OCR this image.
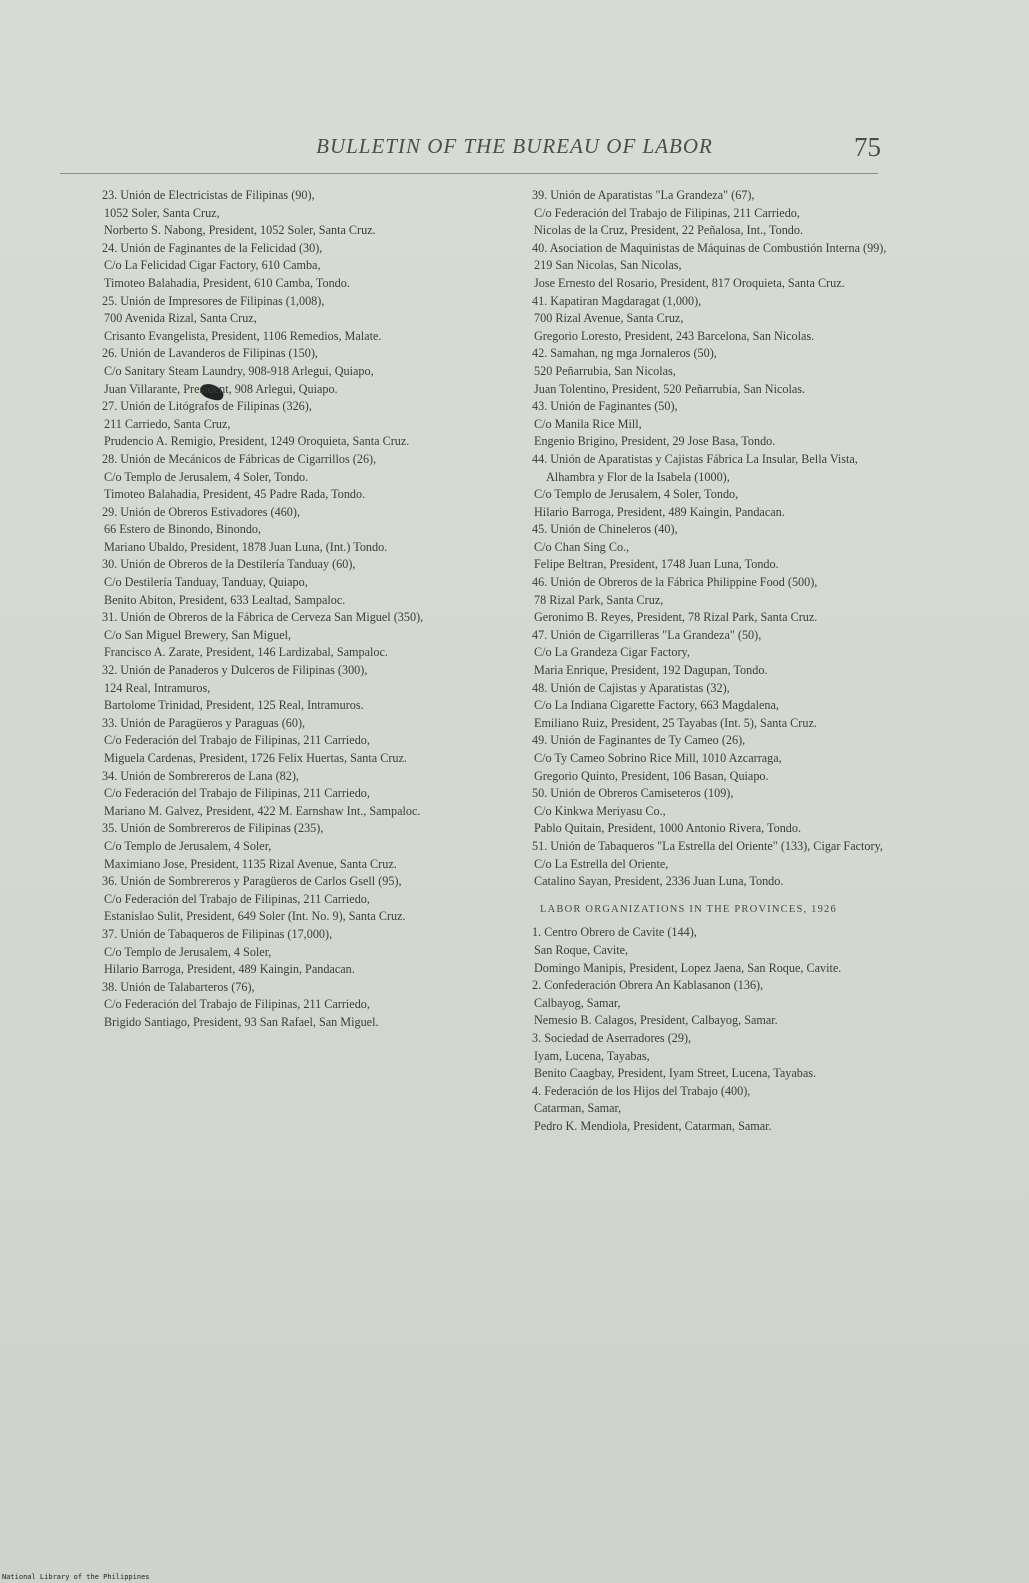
BULLETIN OF THE BUREAU OF LABOR	75
23. Unión de Electricistas de Filipinas (90),
1052 Soler, Santa Cruz,
Norberto S. Nabong, President, 1052 Soler, Santa Cruz.
24. Unión de Faginantes de la Felicidad (30),
C/o La Felicidad Cigar Factory, 610 Camba,
Timoteo Balahadia, President, 610 Camba, Tondo.
25. Unión de Impresores de Filipinas (1,008),
700 Avenida Rizal, Santa Cruz,
Crisanto Evangelista, President, 1106 Remedios, Malate.
26. Unión de Lavanderos de Filipinas (150),
C/o Sanitary Steam Laundry, 908-918 Arlegui, Quiapo,
Juan Villarante, President, 908 Arlegui, Quiapo.
27. Unión de Litógrafos de Filipinas (326),
211 Carriedo, Santa Cruz,
Prudencio A. Remigio, President, 1249 Oroquieta, Santa Cruz.
28. Unión de Mecánicos de Fábricas de Cigarrillos (26),
C/o Templo de Jerusalem, 4 Soler, Tondo.
Timoteo Balahadia, President, 45 Padre Rada, Tondo.
29. Unión de Obreros Estivadores (460),
66 Estero de Binondo, Binondo,
Mariano Ubaldo, President, 1878 Juan Luna, (Int.) Tondo.
30. Unión de Obreros de la Destilería Tanduay (60),
C/o Destilería Tanduay, Tanduay, Quiapo,
Benito Abiton, President, 633 Lealtad, Sampaloc.
31. Unión de Obreros de la Fábrica de Cerveza San Miguel (350),
C/o San Miguel Brewery, San Miguel,
Francisco A. Zarate, President, 146 Lardizabal, Sampaloc.
32. Unión de Panaderos y Dulceros de Filipinas (300),
124 Real, Intramuros,
Bartolome Trinidad, President, 125 Real, Intramuros.
33. Unión de Paragüeros y Paraguas (60),
C/o Federación del Trabajo de Filipinas, 211 Carriedo,
Miguela Cardenas, President, 1726 Felix Huertas, Santa Cruz.
34. Unión de Sombrereros de Lana (82),
C/o Federación del Trabajo de Filipinas, 211 Carriedo,
Mariano M. Galvez, President, 422 M. Earnshaw Int., Sampaloc.
35. Unión de Sombrereros de Filipinas (235),
C/o Templo de Jerusalem, 4 Soler,
Maximiano Jose, President, 1135 Rizal Avenue, Santa Cruz.
36. Unión de Sombrereros y Paragüeros de Carlos Gsell (95),
C/o Federación del Trabajo de Filipinas, 211 Carriedo,
Estanislao Sulit, President, 649 Soler (Int. No. 9), Santa Cruz.
37. Unión de Tabaqueros de Filipinas (17,000),
C/o Templo de Jerusalem, 4 Soler,
Hilario Barroga, President, 489 Kaingin, Pandacan.
38. Unión de Talabarteros (76),
C/o Federación del Trabajo de Filipinas, 211 Carriedo,
Brigido Santiago, President, 93 San Rafael, San Miguel.
39. Unión de Aparatistas "La Grandeza" (67),
C/o Federación del Trabajo de Filipinas, 211 Carriedo,
Nicolas de la Cruz, President, 22 Peñalosa, Int., Tondo.
40. Asociation de Maquinistas de Máquinas de Combustión Interna (99),
219 San Nicolas, San Nicolas,
Jose Ernesto del Rosario, President, 817 Oroquieta, Santa Cruz.
41. Kapatiran Magdaragat (1,000),
700 Rizal Avenue, Santa Cruz,
Gregorio Loresto, President, 243 Barcelona, San Nicolas.
42. Samahan, ng mga Jornaleros (50),
520 Peñarrubia, San Nicolas,
Juan Tolentino, President, 520 Peñarrubia, San Nicolas.
43. Unión de Faginantes (50),
C/o Manila Rice Mill,
Engenio Brigino, President, 29 Jose Basa, Tondo.
44. Unión de Aparatistas y Cajistas Fábrica La Insular, Bella Vista, Alhambra y Flor de la Isabela (1000),
C/o Templo de Jerusalem, 4 Soler, Tondo,
Hilario Barroga, President, 489 Kaingin, Pandacan.
45. Unión de Chineleros (40),
C/o Chan Sing Co.,
Felipe Beltran, President, 1748 Juan Luna, Tondo.
46. Unión de Obreros de la Fábrica Philippine Food (500),
78 Rizal Park, Santa Cruz,
Geronimo B. Reyes, President, 78 Rizal Park, Santa Cruz.
47. Unión de Cigarrilleras "La Grandeza" (50),
C/o La Grandeza Cigar Factory,
Maria Enrique, President, 192 Dagupan, Tondo.
48. Unión de Cajistas y Aparatistas (32),
C/o La Indiana Cigarette Factory, 663 Magdalena,
Emiliano Ruiz, President, 25 Tayabas (Int. 5), Santa Cruz.
49. Unión de Faginantes de Ty Cameo (26),
C/o Ty Cameo Sobrino Rice Mill, 1010 Azcarraga,
Gregorio Quinto, President, 106 Basan, Quiapo.
50. Unión de Obreros Camiseteros (109),
C/o Kinkwa Meriyasu Co.,
Pablo Quitain, President, 1000 Antonio Rivera, Tondo.
51. Unión de Tabaqueros "La Estrella del Oriente" (133), Cigar Factory,
C/o La Estrella del Oriente,
Catalino Sayan, President, 2336 Juan Luna, Tondo.
LABOR ORGANIZATIONS IN THE PROVINCES, 1926
1. Centro Obrero de Cavite (144),
San Roque, Cavite,
Domingo Manipis, President, Lopez Jaena, San Roque, Cavite.
2. Confederación Obrera An Kablasanon (136),
Calbayog, Samar,
Nemesio B. Calagos, President, Calbayog, Samar.
3. Sociedad de Aserradores (29),
Iyam, Lucena, Tayabas,
Benito Caagbay, President, Iyam Street, Lucena, Tayabas.
4. Federación de los Hijos del Trabajo (400),
Catarman, Samar,
Pedro K. Mendiola, President, Catarman, Samar.
National Library of the Philippines
